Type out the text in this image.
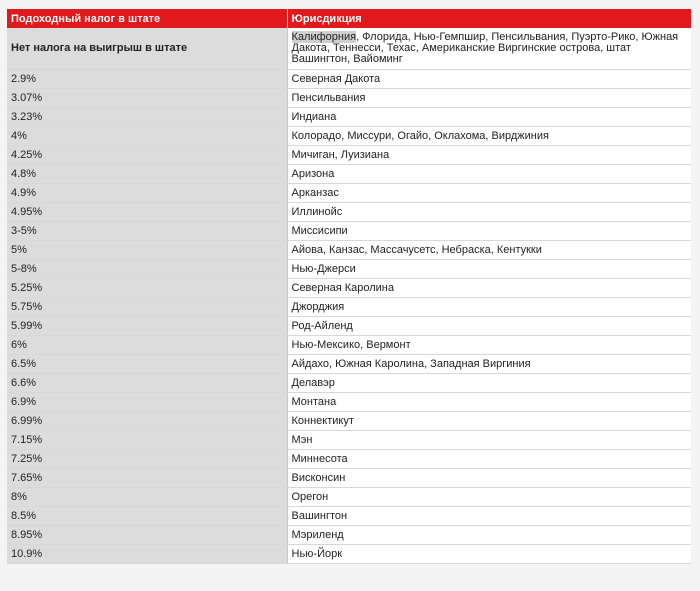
Подоходный налог в штате	Юрисдикция
Нет налога на выигрыш в штате	Калифорния, Флорида, Нью-Гемпшир, Пенсильвания, Пуэрто-Рико, Южная Дакота, Теннесси, Техас, Американские Виргинские острова, штат Вашингтон, Вайоминг
2.9%	Северная Дакота
3.07%	Пенсильвания
3.23%	Индиана
4%	Колорадо, Миссури, Огайо, Оклахома, Вирджиния
4.25%	Мичиган, Луизиана
4.8%	Аризона
4.9%	Арканзас
4.95%	Иллинойс
3-5%	Миссисипи
5%	Айова, Канзас, Массачусетс, Небраска, Кентукки
5-8%	Нью-Джерси
5.25%	Северная Каролина
5.75%	Джорджия
5.99%	Род-Айленд
6%	Нью-Мексико, Вермонт
6.5%	Айдахо, Южная Каролина, Западная Виргиния
6.6%	Делавэр
6.9%	Монтана
6.99%	Коннектикут
7.15%	Мэн
7.25%	Миннесота
7.65%	Висконсин
8%	Орегон
8.5%	Вашингтон
8.95%	Мэриленд
10.9%	Нью-Йорк
